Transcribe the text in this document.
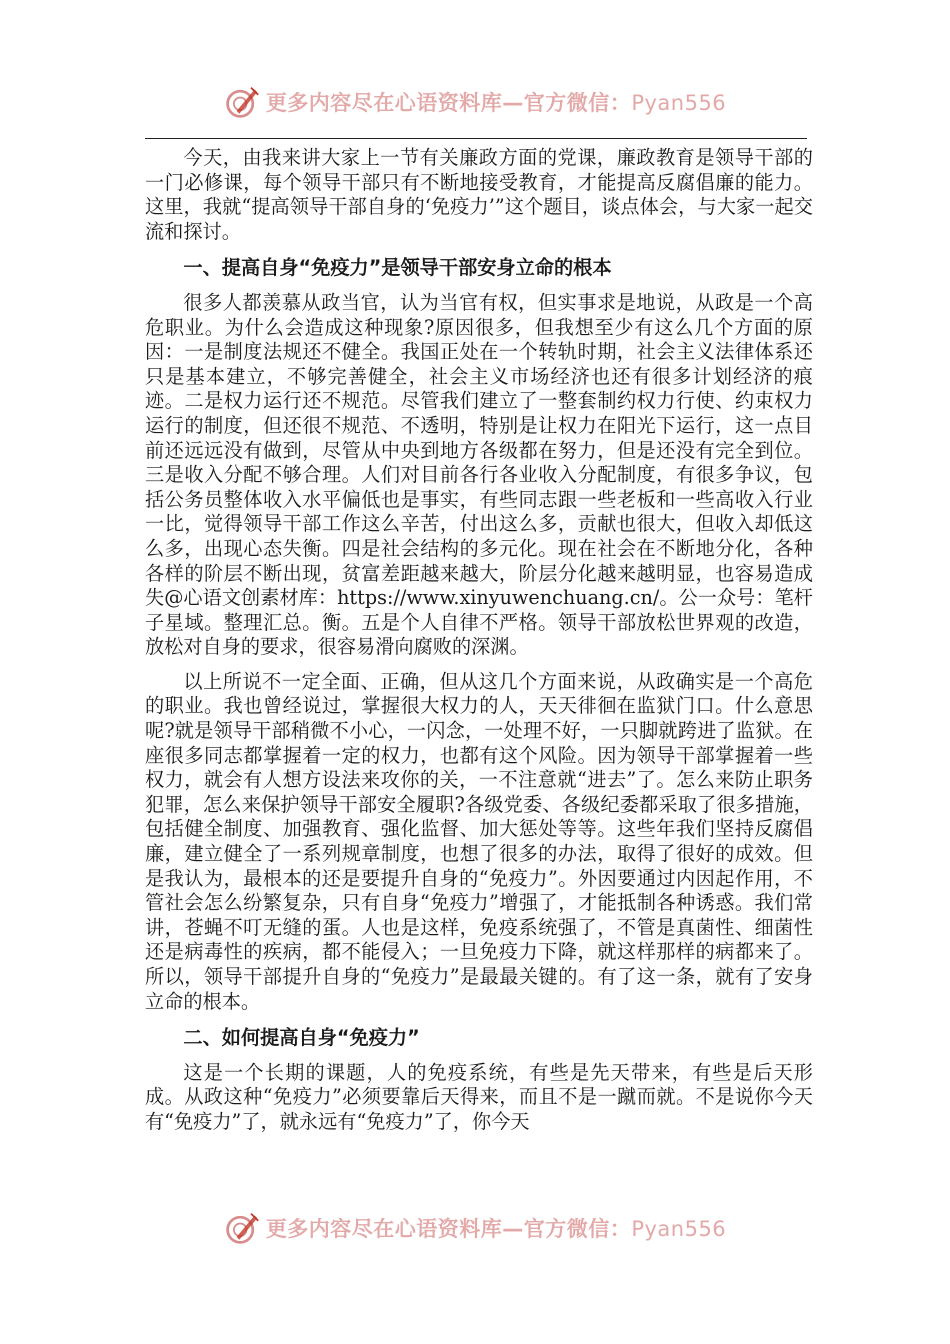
更多内容尽在心语资料库—官方微信：Pyan556

今天，由我来讲大家上一节有关廉政方面的党课，廉政教育是领导干部的一门必修课，每个领导干部只有不断地接受教育，才能提高反腐倡廉的能力。这里，我就“提高领导干部自身的‘免疫力’”这个题目，谈点体会，与大家一起交流和探讨。

一、提高自身“免疫力”是领导干部安身立命的根本

很多人都羡慕从政当官，认为当官有权，但实事求是地说，从政是一个高危职业。为什么会造成这种现象?原因很多，但我想至少有这么几个方面的原因：一是制度法规还不健全。我国正处在一个转轨时期，社会主义法律体系还只是基本建立，不够完善健全，社会主义市场经济也还有很多计划经济的痕迹。二是权力运行还不规范。尽管我们建立了一整套制约权力行使、约束权力运行的制度，但还很不规范、不透明，特别是让权力在阳光下运行，这一点目前还远远没有做到，尽管从中央到地方各级都在努力，但是还没有完全到位。三是收入分配不够合理。人们对目前各行各业收入分配制度，有很多争议，包括公务员整体收入水平偏低也是事实，有些同志跟一些老板和一些高收入行业一比，觉得领导干部工作这么辛苦，付出这么多，贡献也很大，但收入却低这么多，出现心态失衡。四是社会结构的多元化。现在社会在不断地分化，各种各样的阶层不断出现，贫富差距越来越大，阶层分化越来越明显，也容易造成失@心语文创素材库：https://www.xinyuwenchuang.cn/。公一众号：笔杆子星域。整理汇总。衡。五是个人自律不严格。领导干部放松世界观的改造，放松对自身的要求，很容易滑向腐败的深渊。

以上所说不一定全面、正确，但从这几个方面来说，从政确实是一个高危的职业。我也曾经说过，掌握很大权力的人，天天徘徊在监狱门口。什么意思呢?就是领导干部稍微不小心，一闪念，一处理不好，一只脚就跨进了监狱。在座很多同志都掌握着一定的权力，也都有这个风险。因为领导干部掌握着一些权力，就会有人想方设法来攻你的关，一不注意就“进去”了。怎么来防止职务犯罪，怎么来保护领导干部安全履职?各级党委、各级纪委都采取了很多措施，包括健全制度、加强教育、强化监督、加大惩处等等。这些年我们坚持反腐倡廉，建立健全了一系列规章制度，也想了很多的办法，取得了很好的成效。但是我认为，最根本的还是要提升自身的“免疫力”。外因要通过内因起作用，不管社会怎么纷繁复杂，只有自身“免疫力”增强了，才能抵制各种诱惑。我们常讲，苍蝇不叮无缝的蛋。人也是这样，免疫系统强了，不管是真菌性、细菌性还是病毒性的疾病，都不能侵入；一旦免疫力下降，就这样那样的病都来了。所以，领导干部提升自身的“免疫力”是最最关键的。有了这一条，就有了安身立命的根本。

二、如何提高自身“免疫力”

这是一个长期的课题，人的免疫系统，有些是先天带来，有些是后天形成。从政这种“免疫力”必须要靠后天得来，而且不是一蹴而就。不是说你今天有“免疫力”了，就永远有“免疫力”了，你今天

更多内容尽在心语资料库—官方微信：Pyan556
